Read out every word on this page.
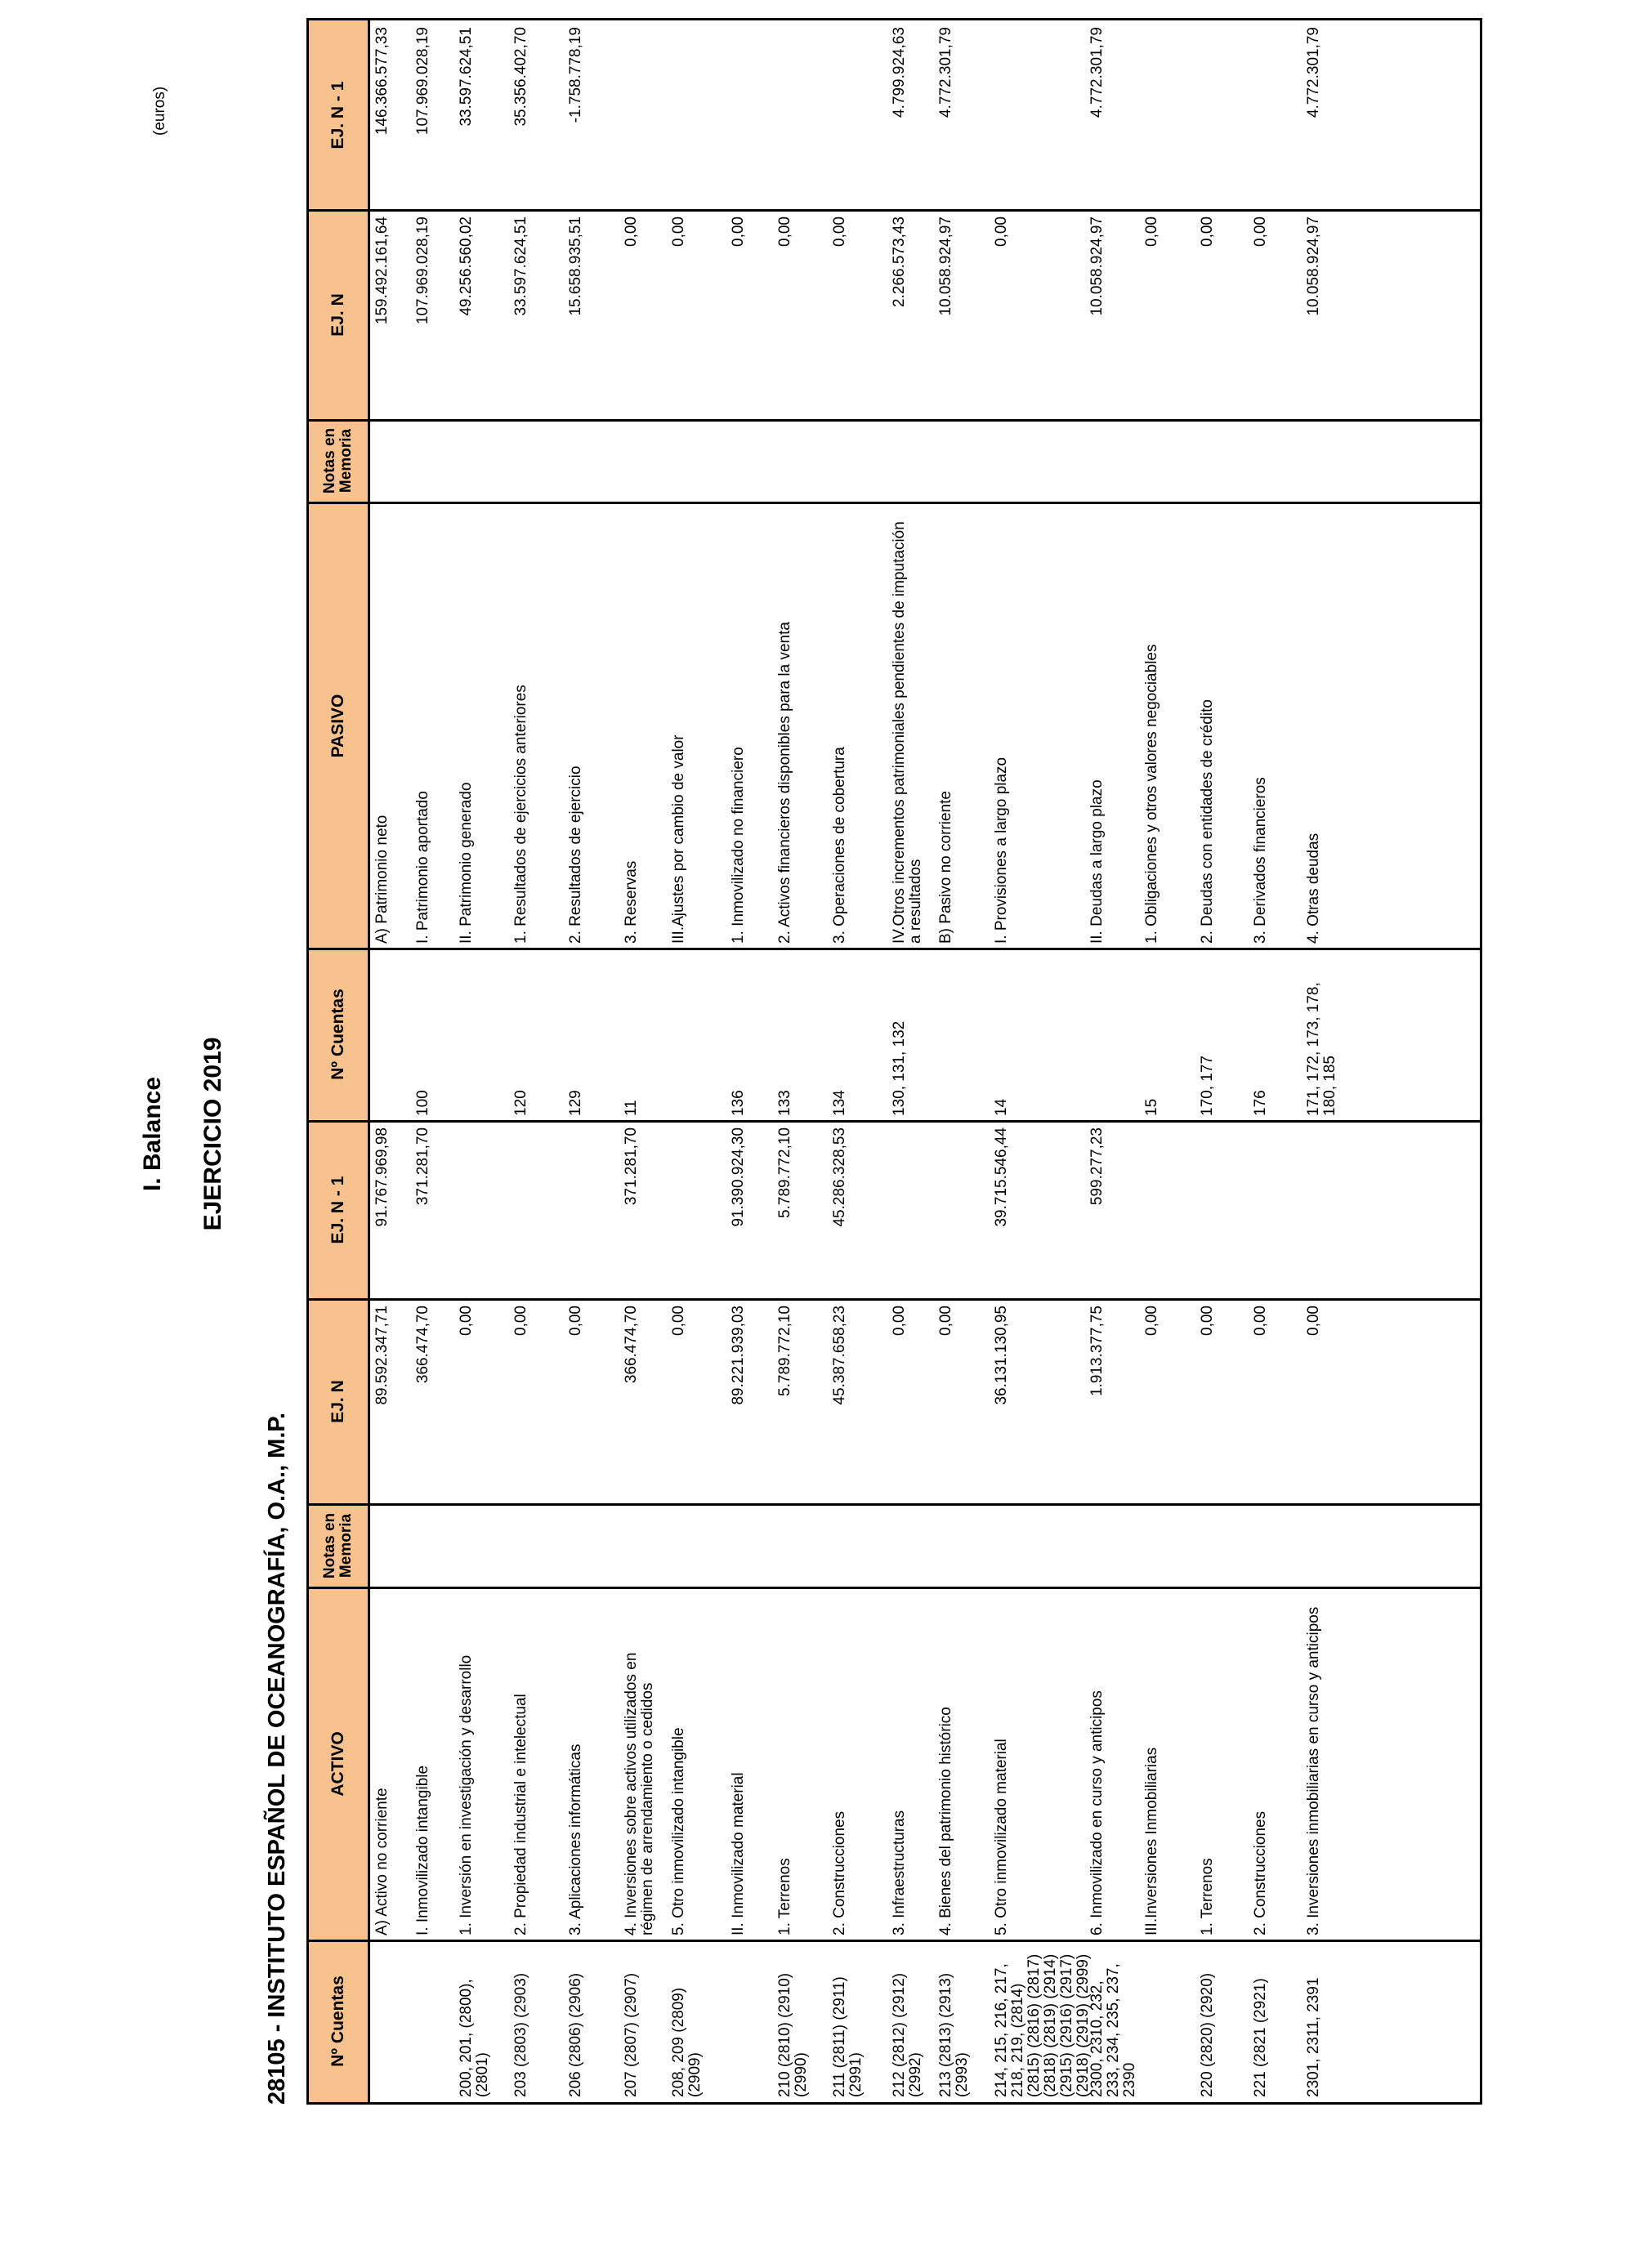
I. Balance EJERCICIO 2019
28105 - INSTITUTO ESPAÑOL DE OCEANOGRAFÍA, O.A., M.P.
(euros)
Nº Cuentas
ACTIVO
Notas en Memoria
EJ. N
EJ. N - 1
Nº Cuentas
PASIVO
Notas en Memoria
EJ. N
EJ. N - 1
A) Activo no corriente
89.592.347,71
91.767.969,98
I. Inmovilizado intangible
366.474,70
371.281,70
200, 201, (2800), (2801)
1. Inversión en investigación y desarrollo
0,00
203 (2803) (2903)
2. Propiedad industrial e intelectual
0,00
206 (2806) (2906)
3. Aplicaciones informáticas
0,00
207 (2807) (2907)
4. Inversiones sobre activos utilizados en régimen de arrendamiento o cedidos
366.474,70
371.281,70
208, 209 (2809) (2909)
5. Otro inmovilizado intangible
0,00
II. Inmovilizado material
89.221.939,03
91.390.924,30
210 (2810) (2910) (2990)
1. Terrenos
5.789.772,10
5.789.772,10
211 (2811) (2911) (2991)
2. Construcciones
45.387.658,23
45.286.328,53
212 (2812) (2912) (2992)
3. Infraestructuras
0,00
213 (2813) (2913) (2993)
4. Bienes del patrimonio histórico
0,00
214, 215, 216, 217, 218, 219, (2814) (2815) (2816) (2817) (2818) (2819) (2914) (2915) (2916) (2917) (2918) (2919) (2999)
5. Otro inmovilizado material
36.131.130,95
39.715.546,44
2300, 2310, 232, 233, 234, 235, 237, 2390
6. Inmovilizado en curso y anticipos
1.913.377,75
599.277,23
III.Inversiones Inmobiliarias
0,00
220 (2820) (2920)
1. Terrenos
0,00
221 (2821 (2921)
2. Construcciones
0,00
2301, 2311, 2391
3. Inversiones inmobiliarias en curso y anticipos
0,00
A) Patrimonio neto
159.492.161,64
146.366.577,33
100
I. Patrimonio aportado
107.969.028,19
107.969.028,19
II. Patrimonio generado
49.256.560,02
33.597.624,51
120
1. Resultados de ejercicios anteriores
33.597.624,51
35.356.402,70
129
2. Resultados de ejercicio
15.658.935,51
-1.758.778,19
11
3. Reservas
0,00
III.Ajustes por cambio de valor
0,00
136
1. Inmovilizado no financiero
0,00
133
2. Activos financieros disponibles para la venta
0,00
134
3. Operaciones de cobertura
0,00
130, 131, 132
IV.Otros incrementos patrimoniales pendientes de imputación a resultados
2.266.573,43
4.799.924,63
B) Pasivo no corriente
10.058.924,97
4.772.301,79
14
I. Provisiones a largo plazo
0,00
II. Deudas a largo plazo
10.058.924,97
4.772.301,79
15
1. Obligaciones y otros valores negociables
0,00
170, 177
2. Deudas con entidades de crédito
0,00
176
3. Derivados financieros
0,00
171, 172, 173, 178, 180, 185
4. Otras deudas
10.058.924,97
4.772.301,79
